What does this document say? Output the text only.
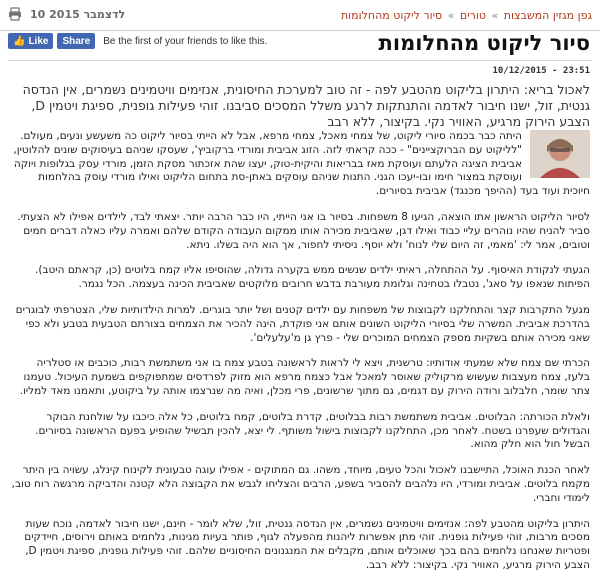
גפן מגזין המשבצות » טורים » סיור ליקוט מהחלומות
10 לדצמבר 2015
👍 Like Share Be the first of your friends to like this.	סיור ליקוט מהחלומות
23:51 - 10/12/2015
לאכול בריא: היתרון בליקוט מהטבע לפה - זה טוב למערכת החיסונית, אנזימים וויטמינים נשמרים, אין הנדסה גנטית, זול, ישנו חיבור לאדמה והתנתקות לרגע משלל המסכים סביבנו. זוהי פעילות גופנית, ספיגת ויטמין D, הצבע הירוק מרגיע, האוויר נקי. בקיצור, ללא רבב

היתה כבר בכמה סיורי ליקוט, של צמחי מאכל, צמחי מרפא, אבל לא הייתי בסיור ליקוט כה משעשע ונעים, מעולם. "לליקוט עם הברוקציינים" - ככה קראתי לזה. הזוג אביבית ומורדי ברקוביץ', שעסקו שניהם בעיסוקים שונים להלוטין, אביבית הציגה הלעתם ועוסקת מאז בבריאות והיקית-טוק, יעצו שהת אזכתור מסקת הזמן, מורדי עסק בגלופות ויוקה ועוסקת במצור חימו ובו-יעכו הגני. התנות שניהם עוסקים באתן-סת בתחום הליקוט ואילו מורדי עוסק בהלחמות חיוכית ועוד בעד (ההיפך מכנגד) אביבית בסיורים.

לסיור הליקוט הראשון אתו הוצאה, הגיעו 8 משפחות. בסיור בו אני הייתי, היו כבר הרבה יותר. יצאתי לבד, לילדים אפילו לא הצעתי. סביר להניח שהיו נוהרים עליי כבוד ואילו דגן, שאביבית מכירה אותו ממקום העבודה הקודם שלהם ואמרה עליו כאלה דברים חמים וטובים, אמר לי: 'מאמי, זה היום שלי לנוח' ולא יוסף. ניסיתי לחפור, אך הוא היה בשלו. ניתא.

הגעתי לנקודת האיסוף. על ההתחלה, ראיתי ילדים שנשים ממש בקערה גדולה, שהוסיפו אליו קמח בלוטים (כן, קראתם היטב). הפיתות שנאפו על סאג', נטבלו בטחינה וגלומת מעורבת בדבש חרובים מלוקטים שאביבית הכינה בעצמה. הכל נגמר.

מגעל התקרבות קצר והתחלקנו לקבוצות של משפחות עם ילדים קטנים ושל יותר בוגרים. למרות הילדותיות שלי, הצטרפתי לבוגרים בהדרכת אביבית. המשרה שלי בסיורי הליקוט השונים אותם אני פוקדת, הינה להכיר את הצמחים בצורתם הטבעית בטבע ולא כפי שאני מכירה אותם בשקיות מספק הצמחים המוכרים שלי - פרץ גן מ'עלעלים'.

הכרתי שם צמח שלא שמעתי אודותיו: טרשנית, ויצא לי לראות לראשונה בטבע צמח בו אני משתמשת רבות, כוכבים או סטלריה בלעז, צמח מעצבות שעשוש מרקוליק שאוסר למאכל אבל כצמח מרפא הוא מזוק לפרדסים שמתפוקפים בשמעת העיכול. טעמנו צתר שומר, חלבלוב ורודה הירוק עם דגמים, גם מתוך שרשונים, פרי מכלן, ואיה מה שנרצמו אותה על ביקוטע, ותאמנו מאד למליו.

ולאלת הכורתה: הבלוטים. אביבית משתמשת רבות בבלוטים, קדרת בלוטים, קמח בלוטים, כל אלה כיכבו על שולחנת הבוקר והגדולים שעפרנו בשטח. לאחר מכן, התחלקנו לקבוצות בישול משותף. לי יצא, להכין תבשיל שהופיע בפעם הראשונה בסיורים. הבשל חול הוא חלק מהוא.

לאחר הכנת האוכל, התיישבנו לאכול והכל טעים, מיוחד, משהו. גם המתוקים - אפילו עוגה טבעונית לקינוח קינלג, עשויה בין היתר מקמח בלוטים. אביבית ומורדי, היו נלהבים להסביר בשפע, הרבים והצליחו לגבש את הקבוצה הלא קטנה והדביקה מרגשה רוח טוב, לימודי וחברי.

היתרון בליקוט מהטבע לפה: אנזימים וויטמינים נשמרים, אין הנדסה גנטית, זול, שלא לומר - חינם, ישנו חיבור לאדמה, נוכח שעות מסכים מרבות, זוהי פעילות גופנית. זוהי מתן אפשרות ליהנות מהפעלה לגוף, פותר בעיות מגינות, נלחמים באותם וירוסים, חיידקים ופטריות שאנחנו נלחמים בהם בכך שאוכלים אותם, מקבלים את המנגנונים החיסוניים שלהם. זוהי פעילות גופנית, ספיגת ויטמין D, הצבע הירוק מרגיע, האוויר נקי. בקיצור: ללא רבב.
